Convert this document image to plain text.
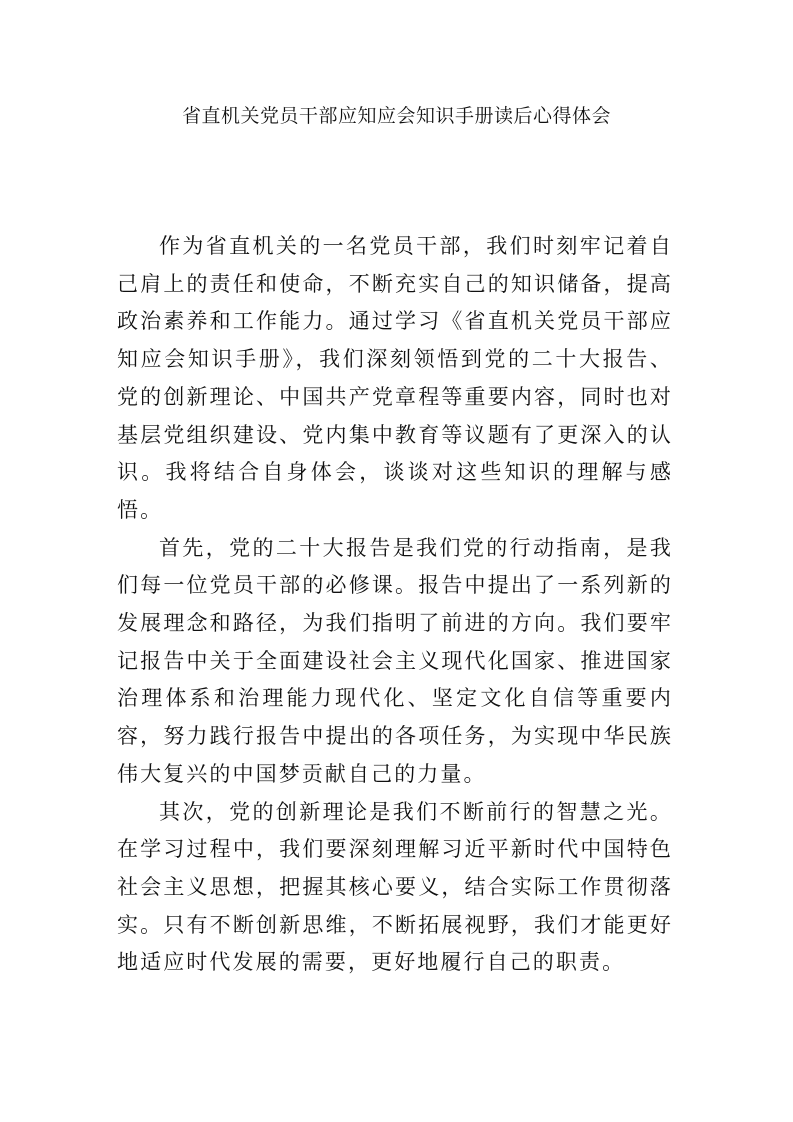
省直机关党员干部应知应会知识手册读后心得体会

作为省直机关的一名党员干部，我们时刻牢记着自己肩上的责任和使命，不断充实自己的知识储备，提高政治素养和工作能力。通过学习《省直机关党员干部应知应会知识手册》，我们深刻领悟到党的二十大报告、党的创新理论、中国共产党章程等重要内容，同时也对基层党组织建设、党内集中教育等议题有了更深入的认识。我将结合自身体会，谈谈对这些知识的理解与感悟。

首先，党的二十大报告是我们党的行动指南，是我们每一位党员干部的必修课。报告中提出了一系列新的发展理念和路径，为我们指明了前进的方向。我们要牢记报告中关于全面建设社会主义现代化国家、推进国家治理体系和治理能力现代化、坚定文化自信等重要内容，努力践行报告中提出的各项任务，为实现中华民族伟大复兴的中国梦贡献自己的力量。

其次，党的创新理论是我们不断前行的智慧之光。在学习过程中，我们要深刻理解习近平新时代中国特色社会主义思想，把握其核心要义，结合实际工作贯彻落实。只有不断创新思维，不断拓展视野，我们才能更好地适应时代发展的需要，更好地履行自己的职责。
